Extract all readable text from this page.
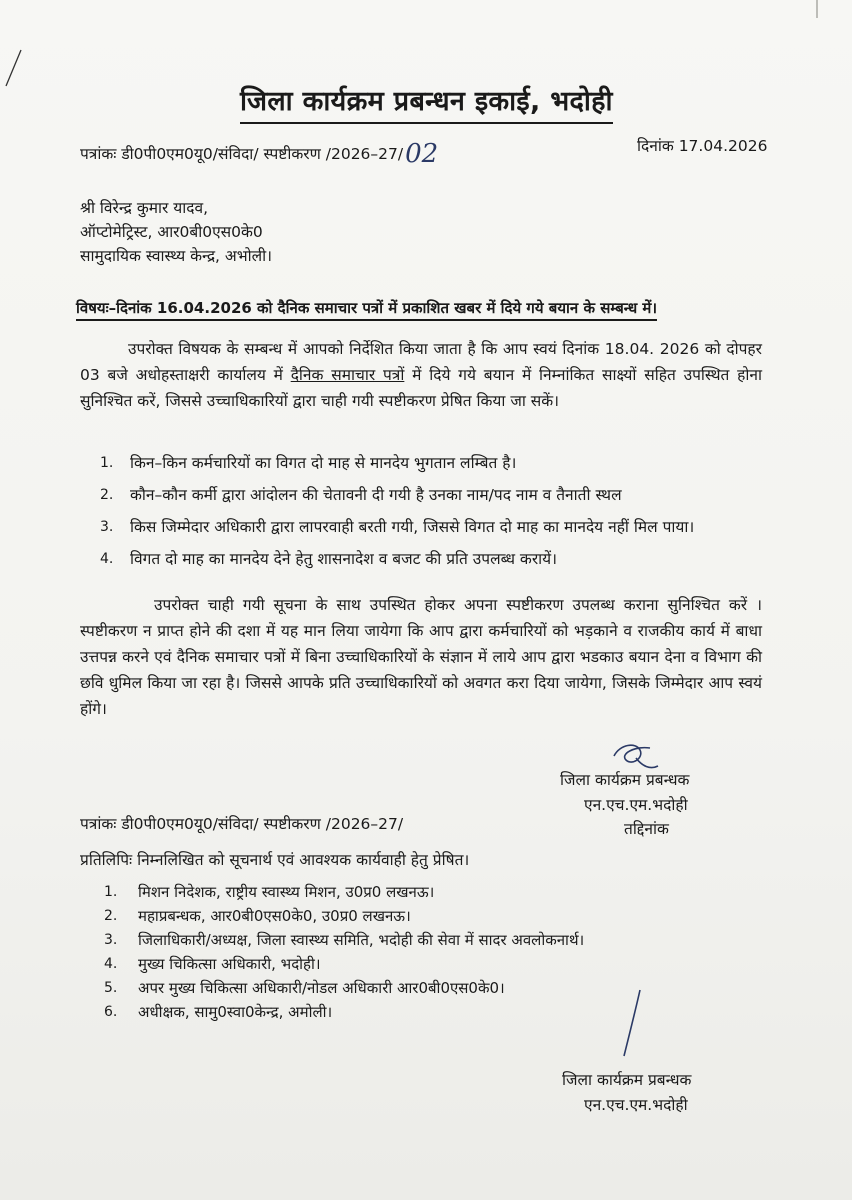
जिला कार्यक्रम प्रबन्धन इकाई, भदोही
पत्रांकः डी0पी0एम0यू0/संविदा/ स्पष्टीकरण /2026–27/02	दिनांक 17.04.2026
श्री विरेन्द्र कुमार यादव,
ऑप्टोमेट्रिस्ट, आर0बी0एस0के0
सामुदायिक स्वास्थ्य केन्द्र, अभोली।
विषयः–दिनांक 16.04.2026 को दैनिक समाचार पत्रों में प्रकाशित खबर में दिये गये बयान के सम्बन्ध में।
उपरोक्त विषयक के सम्बन्ध में आपको निर्देशित किया जाता है कि आप स्वयं दिनांक 18.04. 2026 को दोपहर 03 बजे अधोहस्ताक्षरी कार्यालय में दैनिक समाचार पत्रों में दिये गये बयान में निम्नांकित साक्ष्यों सहित उपस्थित होना सुनिश्चित करें, जिससे उच्चाधिकारियों द्वारा चाही गयी स्पष्टीकरण प्रेषित किया जा सकें।
1.	किन–किन कर्मचारियों का विगत दो माह से मानदेय भुगतान लम्बित है।
2.	कौन–कौन कर्मी द्वारा आंदोलन की चेतावनी दी गयी है उनका नाम/पद नाम व तैनाती स्थल
3.	किस जिम्मेदार अधिकारी द्वारा लापरवाही बरती गयी, जिससे विगत दो माह का मानदेय नहीं मिल पाया।
4.	विगत दो माह का मानदेय देने हेतु शासनादेश व बजट की प्रति उपलब्ध करायें।
उपरोक्त चाही गयी सूचना के साथ उपस्थित होकर अपना स्पष्टीकरण उपलब्ध कराना सुनिश्चित करें । स्पष्टीकरण न प्राप्त होने की दशा में यह मान लिया जायेगा कि आप द्वारा कर्मचारियों को भड़काने व राजकीय कार्य में बाधा उत्तपन्न करने एवं दैनिक समाचार पत्रों में बिना उच्चाधिकारियों के संज्ञान में लाये आप द्वारा भडकाउ बयान देना व विभाग की छवि धुमिल किया जा रहा है। जिससे आपके प्रति उच्चाधिकारियों को अवगत करा दिया जायेगा, जिसके जिम्मेदार आप स्वयं होंगे।
जिला कार्यक्रम प्रबन्धक
एन.एच.एम.भदोही
पत्रांकः डी0पी0एम0यू0/संविदा/ स्पष्टीकरण /2026–27/	तद्दिनांक
प्रतिलिपिः निम्नलिखित को सूचनार्थ एवं आवश्यक कार्यवाही हेतु प्रेषित।
1.	मिशन निदेशक, राष्ट्रीय स्वास्थ्य मिशन, उ0प्र0 लखनऊ।
2.	महाप्रबन्धक, आर0बी0एस0के0, उ0प्र0 लखनऊ।
3.	जिलाधिकारी/अध्यक्ष, जिला स्वास्थ्य समिति, भदोही की सेवा में सादर अवलोकनार्थ।
4.	मुख्य चिकित्सा अधिकारी, भदोही।
5.	अपर मुख्य चिकित्सा अधिकारी/नोडल अधिकारी आर0बी0एस0के0।
6.	अधीक्षक, सामु0स्वा0केन्द्र, अमोली।
जिला कार्यक्रम प्रबन्धक
एन.एच.एम.भदोही
